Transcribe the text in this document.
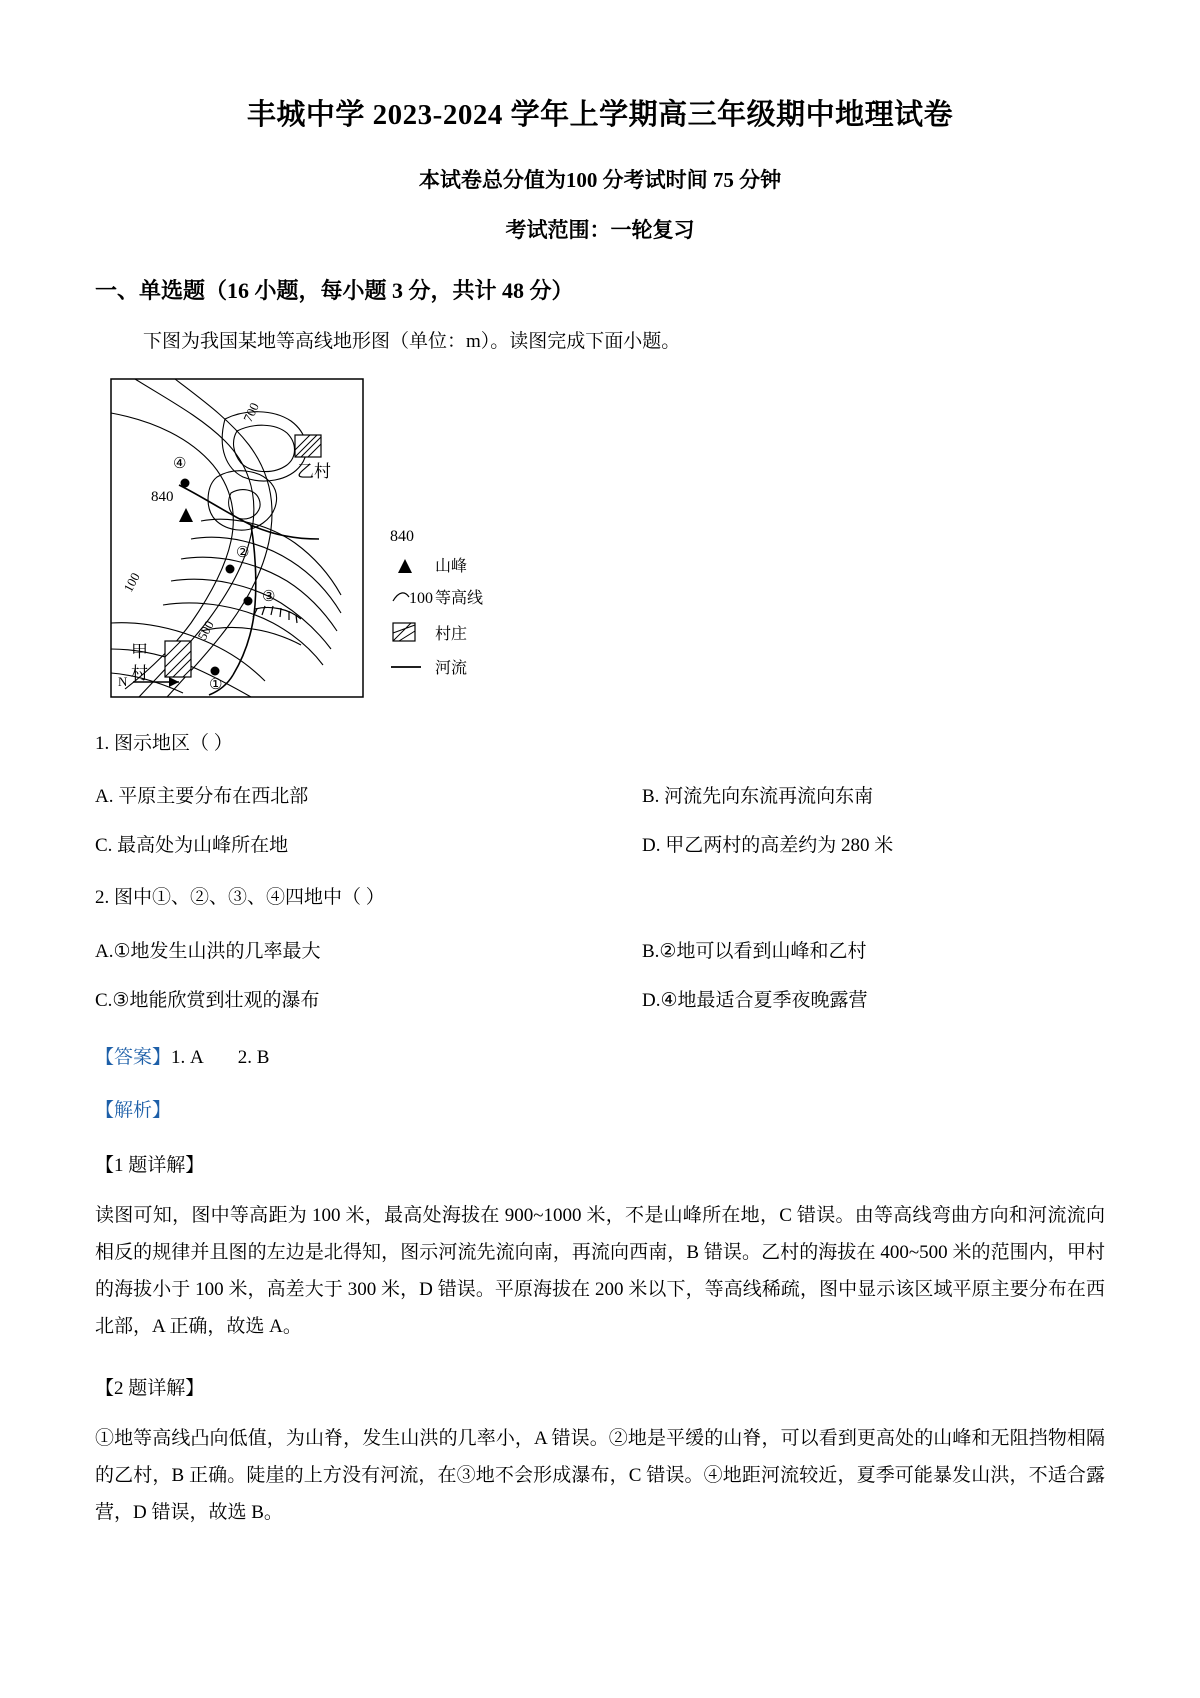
丰城中学 2023-2024 学年上学期高三年级期中地理试卷
本试卷总分值为100 分考试时间 75 分钟
考试范围：一轮复习
一、单选题（16 小题，每小题 3 分，共计 48 分）
下图为我国某地等高线地形图（单位：m）。读图完成下面小题。
④
②
③
①
乙村
甲
村
840
N
700
100
500
840
山峰
100 等高线
村庄
河流
1. 图示地区（ ）
A. 平原主要分布在西北部	B. 河流先向东流再流向东南
C. 最高处为山峰所在地	D. 甲乙两村的高差约为 280 米
2. 图中①、②、③、④四地中（ ）
A.①地发生山洪的几率最大	B.②地可以看到山峰和乙村
C.③地能欣赏到壮观的瀑布	D.④地最适合夏季夜晚露营
【答案】1. A 2. B
【解析】
【1 题详解】
读图可知，图中等高距为 100 米，最高处海拔在 900~1000 米，不是山峰所在地，C 错误。由等高线弯曲方向和河流流向相反的规律并且图的左边是北得知，图示河流先流向南，再流向西南，B 错误。乙村的海拔在 400~500 米的范围内，甲村的海拔小于 100 米，高差大于 300 米，D 错误。平原海拔在 200 米以下，等高线稀疏，图中显示该区域平原主要分布在西北部，A 正确，故选 A。
【2 题详解】
①地等高线凸向低值，为山脊，发生山洪的几率小，A 错误。②地是平缓的山脊，可以看到更高处的山峰和无阻挡物相隔的乙村，B 正确。陡崖的上方没有河流，在③地不会形成瀑布，C 错误。④地距河流较近，夏季可能暴发山洪，不适合露营，D 错误，故选 B。
